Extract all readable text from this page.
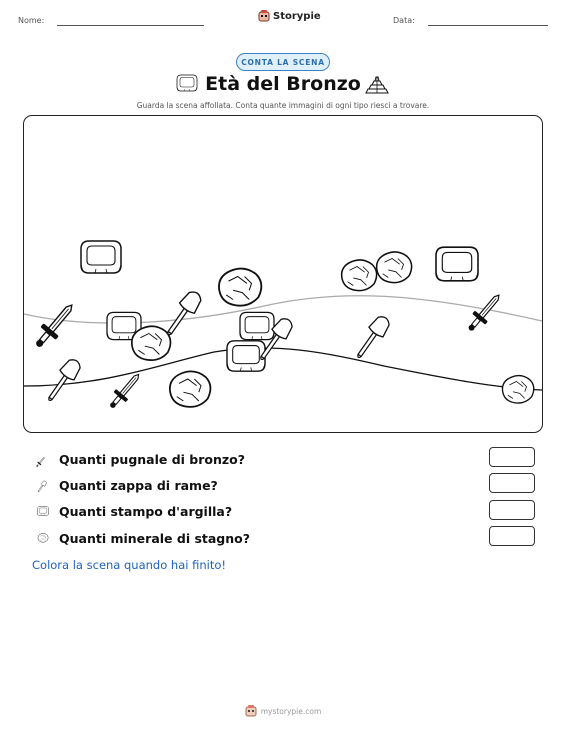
Nome:	Storypie	Data:
CONTA LA SCENA
Età del Bronzo
Guarda la scena affollata. Conta quante immagini di ogni tipo riesci a trovare.
Quanti pugnale di bronzo?
Quanti zappa di rame?
Quanti stampo d'argilla?
Quanti minerale di stagno?
Colora la scena quando hai finito!
mystorypie.com
